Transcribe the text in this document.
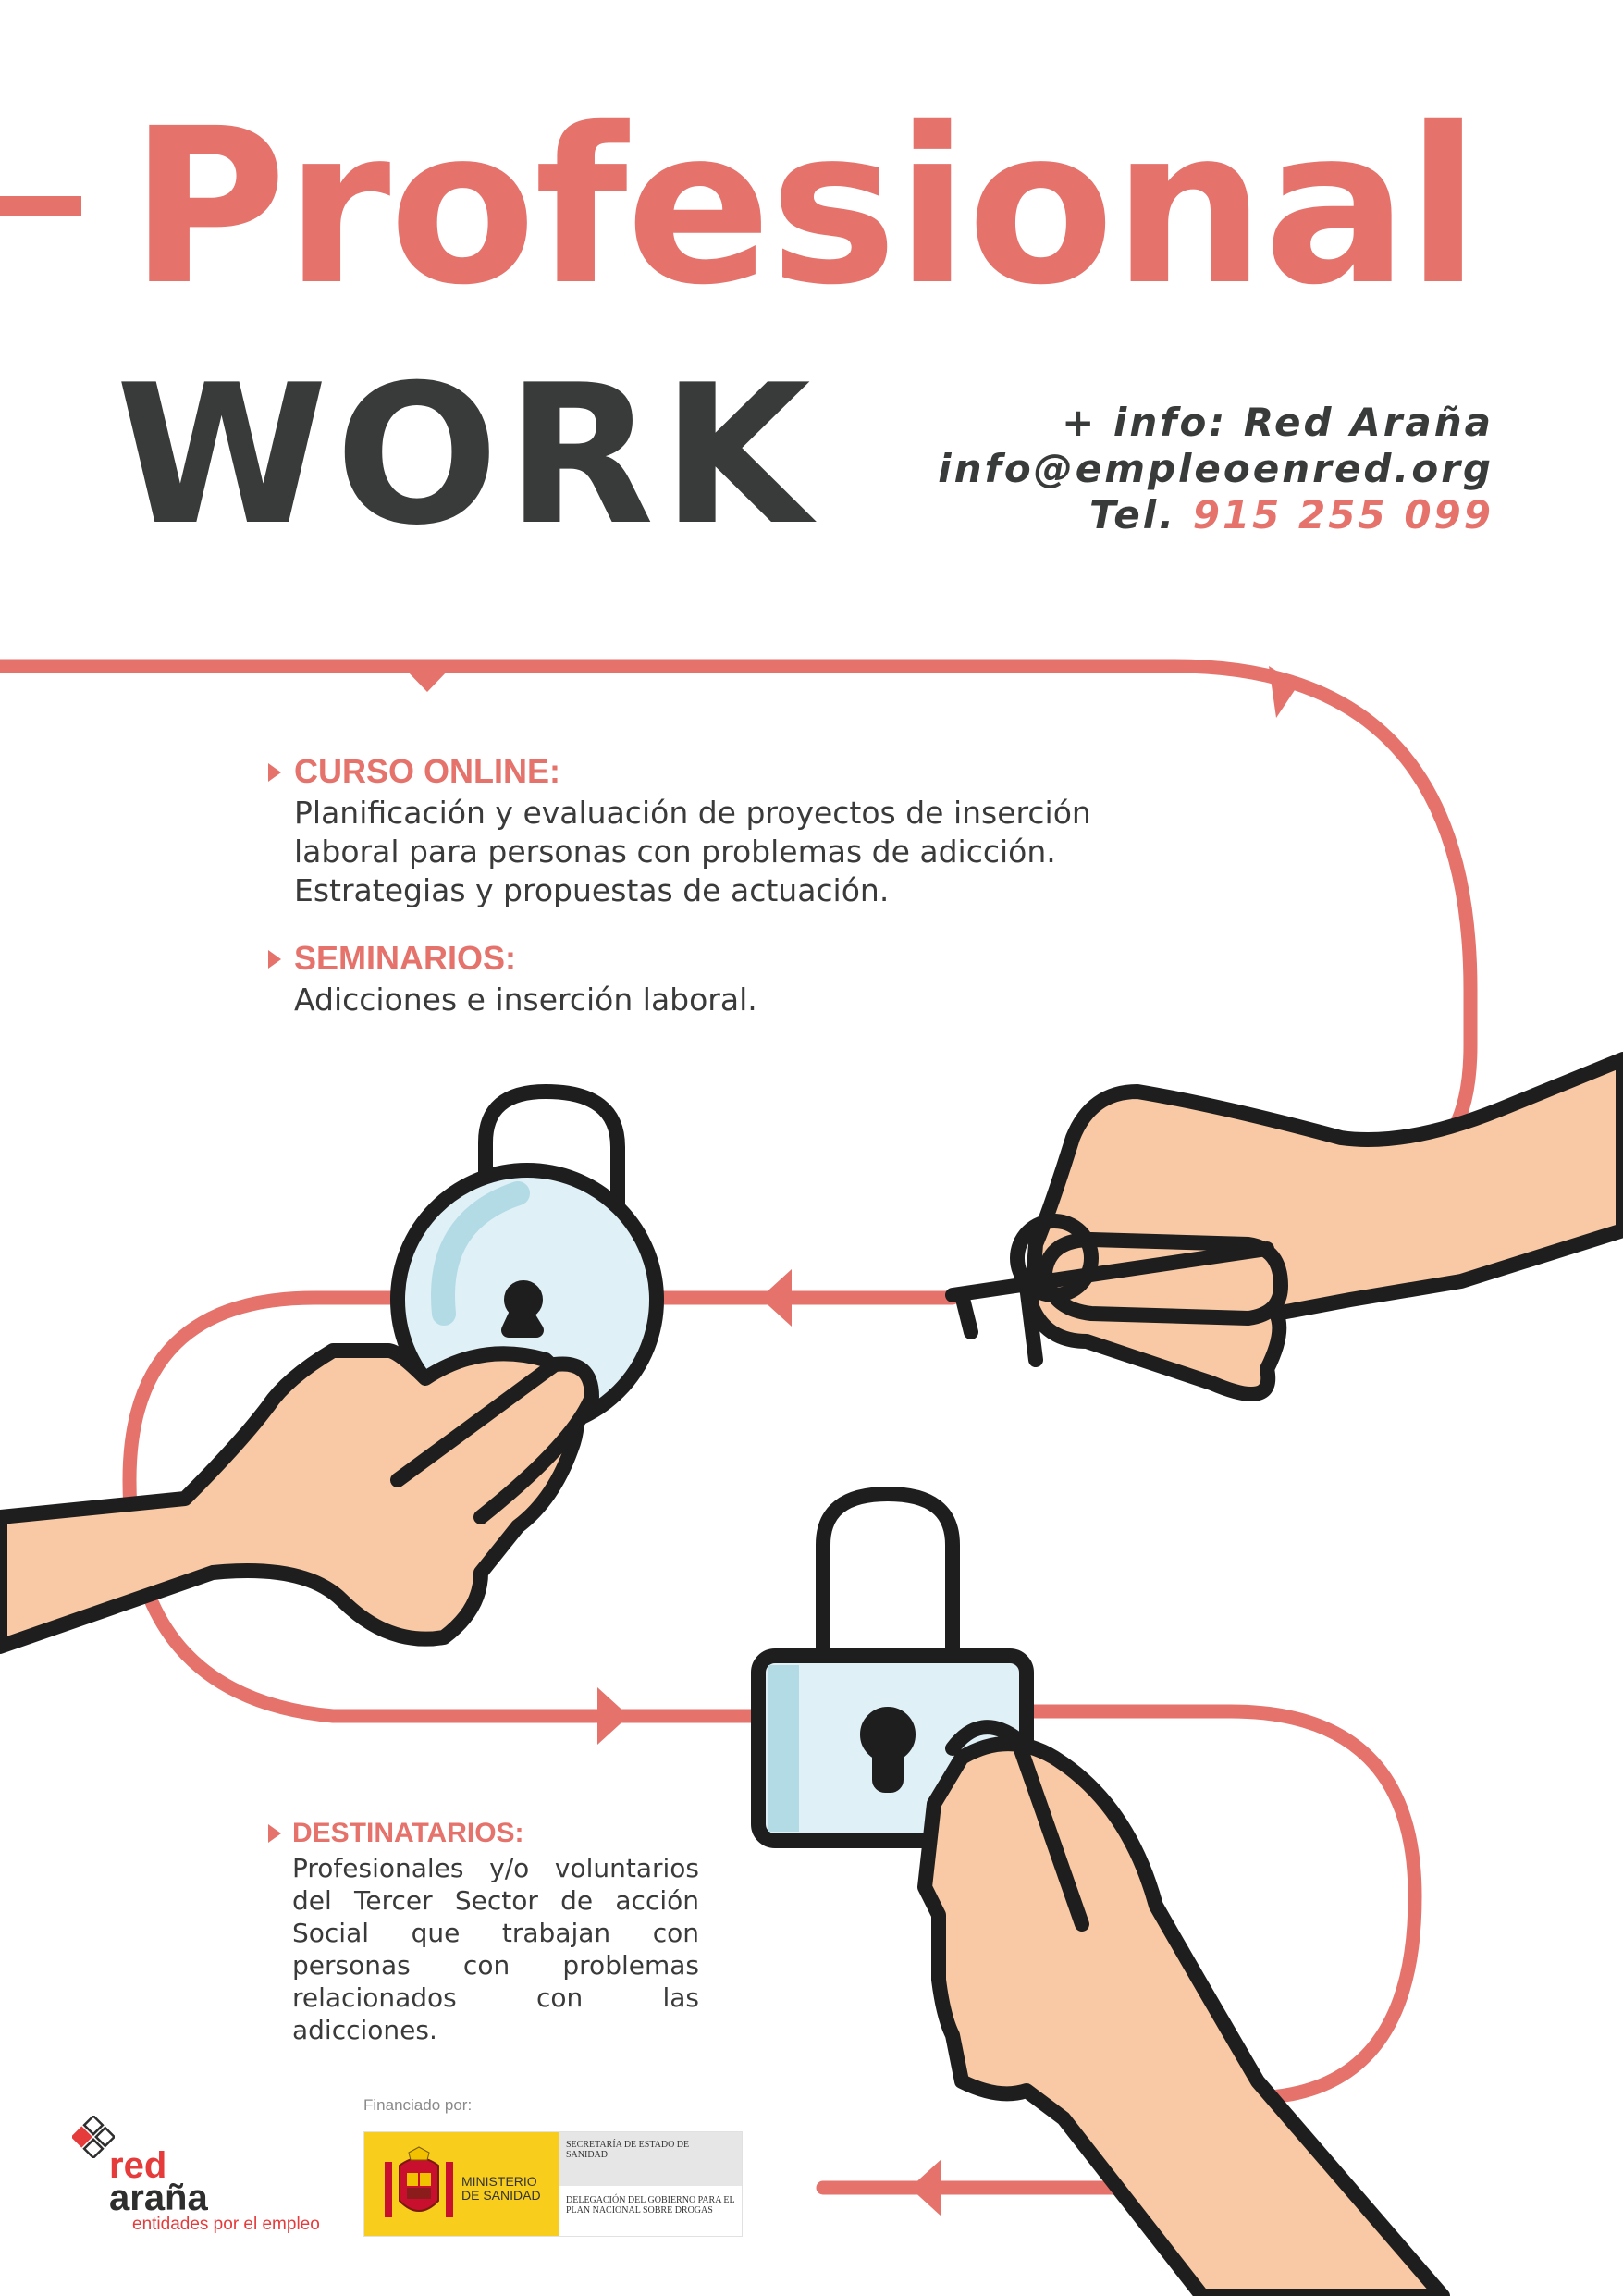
Profesional
WORK	+ info: Red Araña
info@empleoenred.org
Tel. 915 255 099
CURSO ONLINE:
Planificación y evaluación de proyectos de inserción
laboral para personas con problemas de adicción.
Estrategias y propuestas de actuación.
SEMINARIOS:
Adicciones e inserción laboral.
DESTINATARIOS:
Profesionales y/o voluntarios del Tercer Sector de acción Social que trabajan con personas con problemas relacionados con las adicciones.
Financiado por:
MINISTERIO DE SANIDAD
SECRETARÍA DE ESTADO DE SANIDAD
DELEGACIÓN DEL GOBIERNO PARA EL PLAN NACIONAL SOBRE DROGAS
red
araña
entidades por el empleo
